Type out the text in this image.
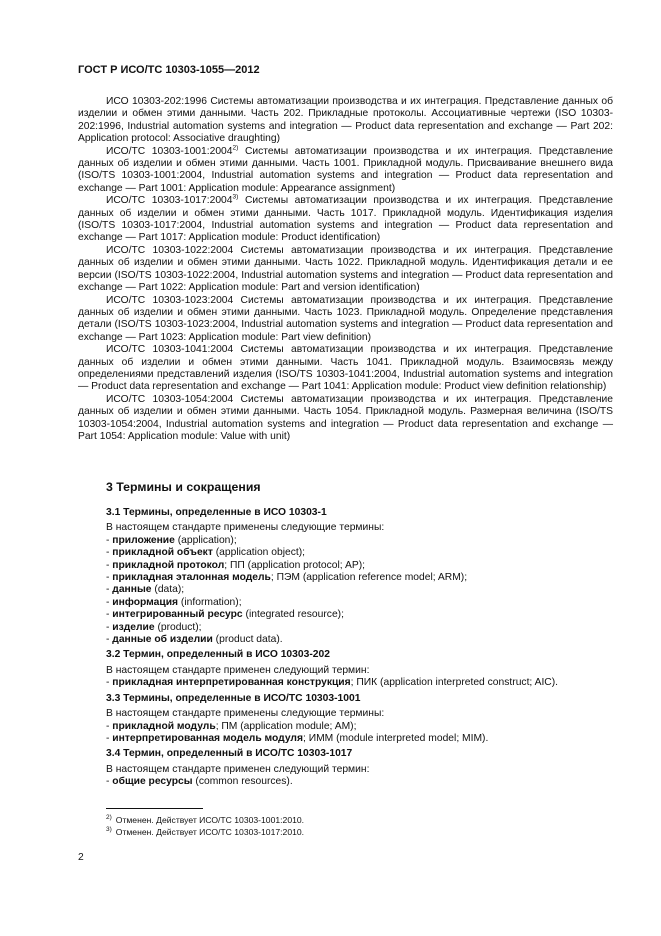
ГОСТ Р ИСО/ТС 10303-1055—2012

ИСО 10303-202:1996 Системы автоматизации производства и их интеграция. Представление данных об изделии и обмен этими данными. Часть 202. Прикладные протоколы. Ассоциативные чертежи (ISO 10303-202:1996, Industrial automation systems and integration — Product data representation and exchange — Part 202: Application protocol: Associative draughting)

ИСО/ТС 10303-1001:2004$^{2)}$ Системы автоматизации производства и их интеграция. Представление данных об изделии и обмен этими данными. Часть 1001. Прикладной модуль. Присваивание внешнего вида (ISO/TS 10303-1001:2004, Industrial automation systems and integration — Product data representation and exchange — Part 1001: Application module: Appearance assignment)

ИСО/ТС 10303-1017:2004$^{3)}$ Системы автоматизации производства и их интеграция. Представление данных об изделии и обмен этими данными. Часть 1017. Прикладной модуль. Идентификация изделия (ISO/TS 10303-1017:2004, Industrial automation systems and integration — Product data representation and exchange — Part 1017: Application module: Product identification)

ИСО/ТС 10303-1022:2004 Системы автоматизации производства и их интеграция. Представление данных об изделии и обмен этими данными. Часть 1022. Прикладной модуль. Идентификация детали и ее версии (ISO/TS 10303-1022:2004, Industrial automation systems and integration — Product data representation and exchange — Part 1022: Application module: Part and version identification)

ИСО/ТС 10303-1023:2004 Системы автоматизации производства и их интеграция. Представление данных об изделии и обмен этими данными. Часть 1023. Прикладной модуль. Определение представления детали (ISO/TS 10303-1023:2004, Industrial automation systems and integration — Product data representation and exchange — Part 1023: Application module: Part view definition)

ИСО/ТС 10303-1041:2004 Системы автоматизации производства и их интеграция. Представление данных об изделии и обмен этими данными. Часть 1041. Прикладной модуль. Взаимосвязь между определениями представлений изделия (ISO/TS 10303-1041:2004, Industrial automation systems and integration — Product data representation and exchange — Part 1041: Application module: Product view definition relationship)

ИСО/ТС 10303-1054:2004 Системы автоматизации производства и их интеграция. Представление данных об изделии и обмен этими данными. Часть 1054. Прикладной модуль. Размерная величина (ISO/TS 10303-1054:2004, Industrial automation systems and integration — Product data representation and exchange — Part 1054: Application module: Value with unit)

3 Термины и сокращения
3.1 Термины, определенные в ИСО 10303-1
В настоящем стандарте применены следующие термины:
- приложение (application);
- прикладной объект (application object);
- прикладной протокол; ПП (application protocol; AP);
- прикладная эталонная модель; ПЭМ (application reference model; ARM);
- данные (data);
- информация (information);
- интегрированный ресурс (integrated resource);
- изделие (product);
- данные об изделии (product data).
3.2 Термин, определенный в ИСО 10303-202
В настоящем стандарте применен следующий термин:
- прикладная интерпретированная конструкция; ПИК (application interpreted construct; AIC).
3.3 Термины, определенные в ИСО/ТС 10303-1001
В настоящем стандарте применены следующие термины:
- прикладной модуль; ПМ (application module; AM);
- интерпретированная модель модуля; ИММ (module interpreted model; MIM).
3.4 Термин, определенный в ИСО/ТС 10303-1017
В настоящем стандарте применен следующий термин:
- общие ресурсы (common resources).
$^{2)}$ Отменен. Действует ИСО/ТС 10303-1001:2010.
$^{3)}$ Отменен. Действует ИСО/ТС 10303-1017:2010.
2
